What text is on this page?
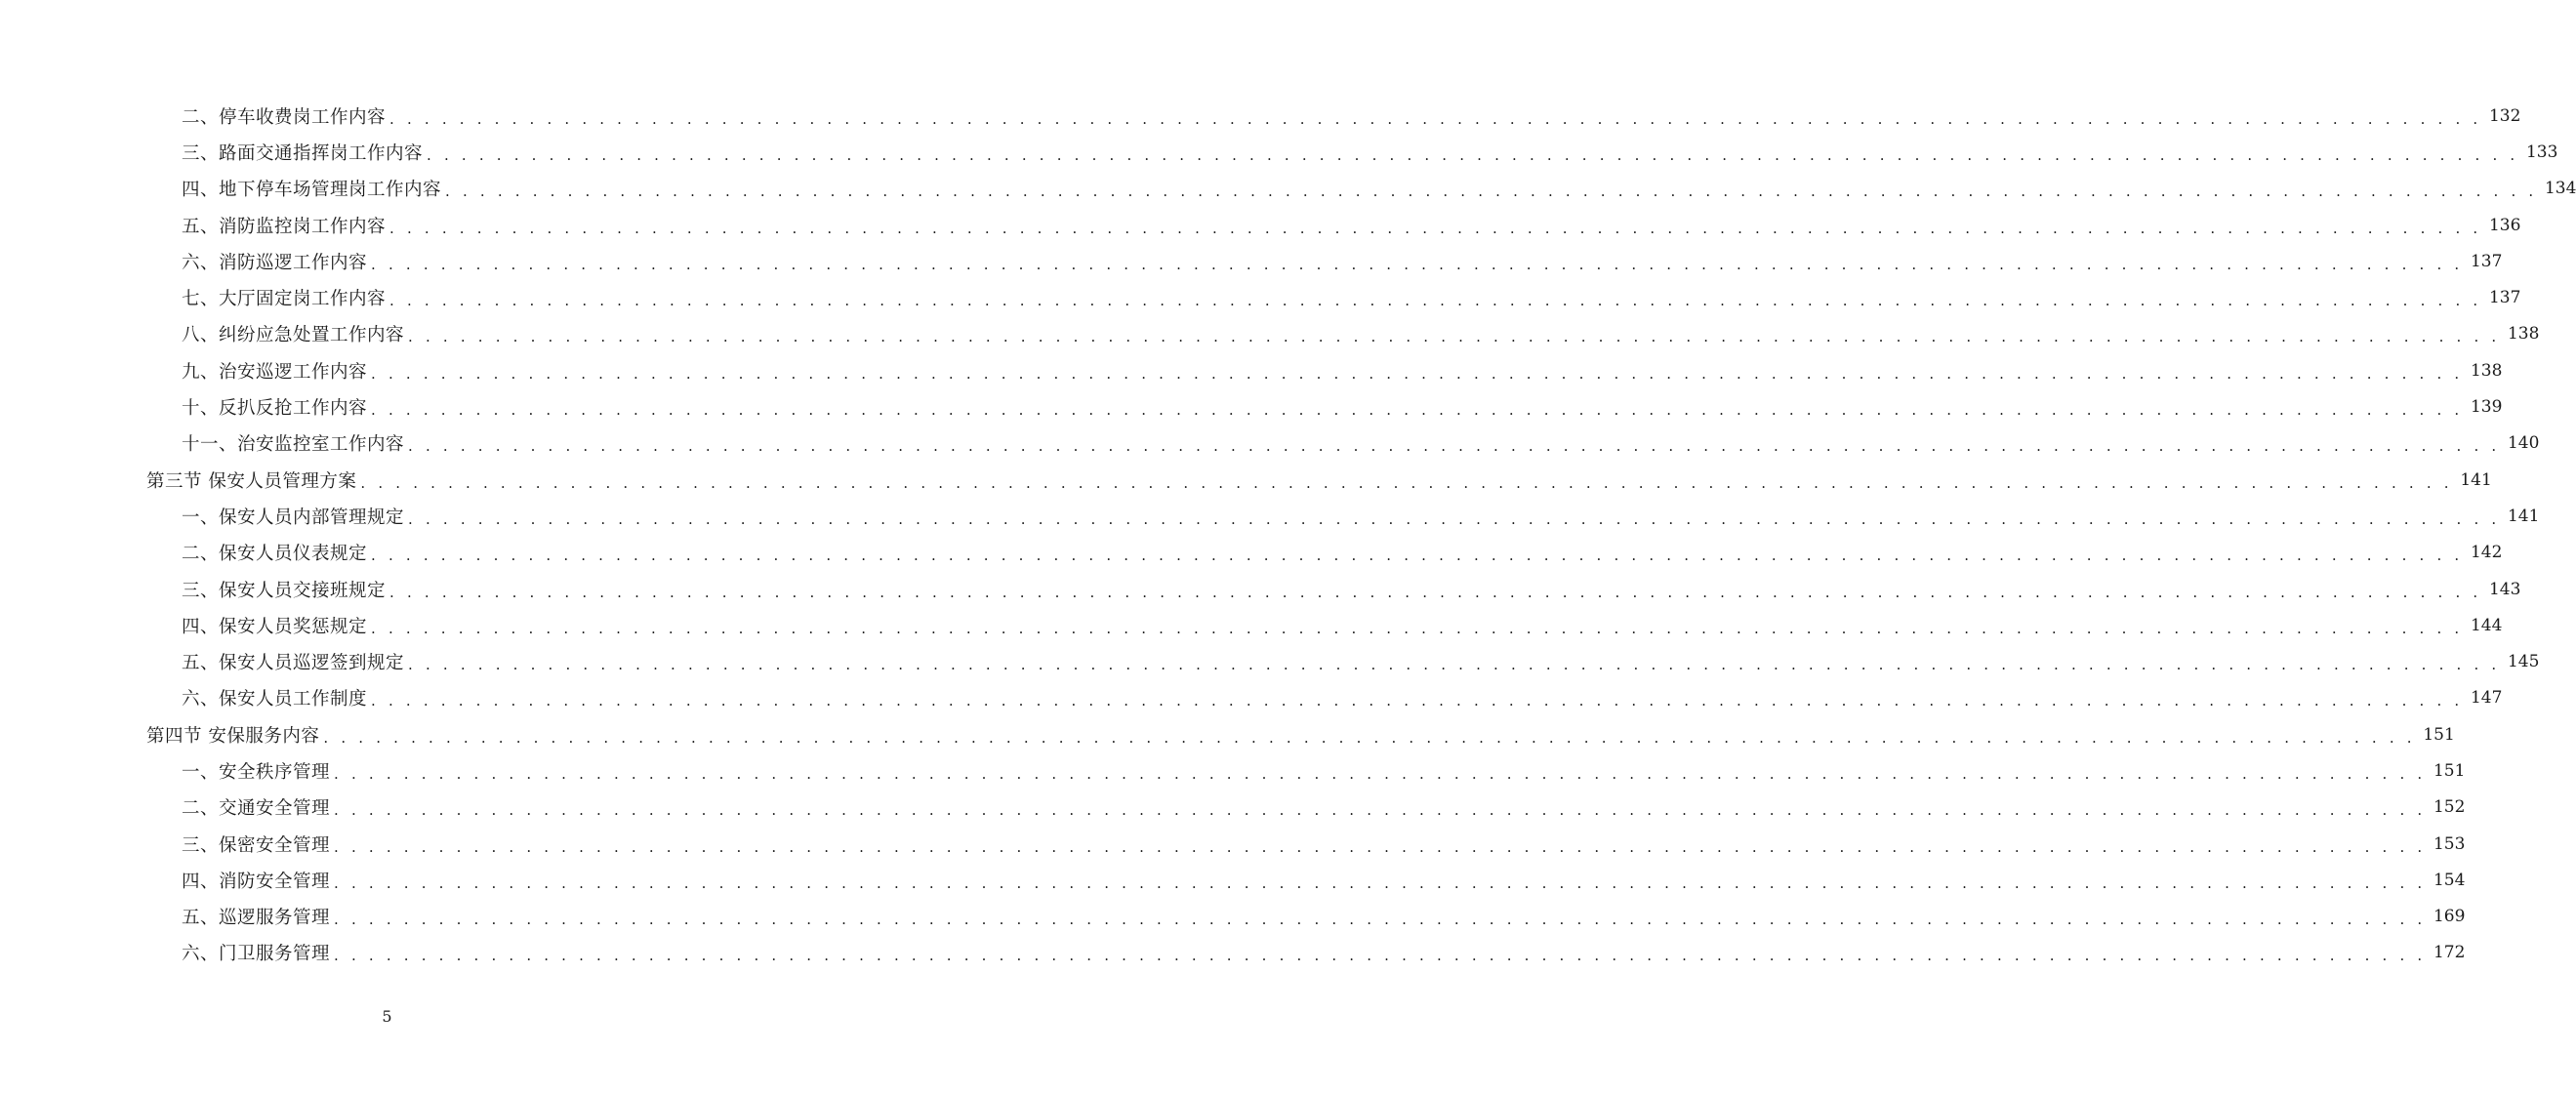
二、停车收费岗工作内容 . . . . . . . . . . . . . . . . . . . . . . . . . . . . . . . . . . . . . . . . . . . . . . . . . . . . . . . . . . . . . . . . . . . . . . . . . . . . . . . . . . . . . . . . . . . . . . . . . . . . . . . . . . . . . . . . . . . . . . . . 132
三、路面交通指挥岗工作内容 . . . . . . . . . . . . . . . . . . . . . . . . . . . . . . . . . . . . . . . . . . . . . . . . . . . . . . . . . . . . . . . . . . . . . . . . . . . . . . . . . . . . . . . . . . . . . . . . . . . . . . . . . . . . . . . . . . . . . . . . 133
四、地下停车场管理岗工作内容 . . . . . . . . . . . . . . . . . . . . . . . . . . . . . . . . . . . . . . . . . . . . . . . . . . . . . . . . . . . . . . . . . . . . . . . . . . . . . . . . . . . . . . . . . . . . . . . . . . . . . . . . . . . . . . . . . . . . . . . . 134
五、消防监控岗工作内容 . . . . . . . . . . . . . . . . . . . . . . . . . . . . . . . . . . . . . . . . . . . . . . . . . . . . . . . . . . . . . . . . . . . . . . . . . . . . . . . . . . . . . . . . . . . . . . . . . . . . . . . . . . . . . . . . . . . . . . . . 136
六、消防巡逻工作内容 . . . . . . . . . . . . . . . . . . . . . . . . . . . . . . . . . . . . . . . . . . . . . . . . . . . . . . . . . . . . . . . . . . . . . . . . . . . . . . . . . . . . . . . . . . . . . . . . . . . . . . . . . . . . . . . . . . . . . . . . 137
七、大厅固定岗工作内容 . . . . . . . . . . . . . . . . . . . . . . . . . . . . . . . . . . . . . . . . . . . . . . . . . . . . . . . . . . . . . . . . . . . . . . . . . . . . . . . . . . . . . . . . . . . . . . . . . . . . . . . . . . . . . . . . . . . . . . . . 137
八、纠纷应急处置工作内容 . . . . . . . . . . . . . . . . . . . . . . . . . . . . . . . . . . . . . . . . . . . . . . . . . . . . . . . . . . . . . . . . . . . . . . . . . . . . . . . . . . . . . . . . . . . . . . . . . . . . . . . . . . . . . . . . . . . . . . . . 138
九、治安巡逻工作内容 . . . . . . . . . . . . . . . . . . . . . . . . . . . . . . . . . . . . . . . . . . . . . . . . . . . . . . . . . . . . . . . . . . . . . . . . . . . . . . . . . . . . . . . . . . . . . . . . . . . . . . . . . . . . . . . . . . . . . . . . 138
十、反扒反抢工作内容 . . . . . . . . . . . . . . . . . . . . . . . . . . . . . . . . . . . . . . . . . . . . . . . . . . . . . . . . . . . . . . . . . . . . . . . . . . . . . . . . . . . . . . . . . . . . . . . . . . . . . . . . . . . . . . . . . . . . . . . . 139
十一、治安监控室工作内容 . . . . . . . . . . . . . . . . . . . . . . . . . . . . . . . . . . . . . . . . . . . . . . . . . . . . . . . . . . . . . . . . . . . . . . . . . . . . . . . . . . . . . . . . . . . . . . . . . . . . . . . . . . . . . . . . . . . . . . . . 140
第三节 保安人员管理方案 . . . . . . . . . . . . . . . . . . . . . . . . . . . . . . . . . . . . . . . . . . . . . . . . . . . . . . . . . . . . . . . . . . . . . . . . . . . . . . . . . . . . . . . . . . . . . . . . . . . . . . . . . . . . . . . . . . . . . . . . 141
一、保安人员内部管理规定 . . . . . . . . . . . . . . . . . . . . . . . . . . . . . . . . . . . . . . . . . . . . . . . . . . . . . . . . . . . . . . . . . . . . . . . . . . . . . . . . . . . . . . . . . . . . . . . . . . . . . . . . . . . . . . . . . . . . . . . . 141
二、保安人员仪表规定 . . . . . . . . . . . . . . . . . . . . . . . . . . . . . . . . . . . . . . . . . . . . . . . . . . . . . . . . . . . . . . . . . . . . . . . . . . . . . . . . . . . . . . . . . . . . . . . . . . . . . . . . . . . . . . . . . . . . . . . . 142
三、保安人员交接班规定 . . . . . . . . . . . . . . . . . . . . . . . . . . . . . . . . . . . . . . . . . . . . . . . . . . . . . . . . . . . . . . . . . . . . . . . . . . . . . . . . . . . . . . . . . . . . . . . . . . . . . . . . . . . . . . . . . . . . . . . . 143
四、保安人员奖惩规定 . . . . . . . . . . . . . . . . . . . . . . . . . . . . . . . . . . . . . . . . . . . . . . . . . . . . . . . . . . . . . . . . . . . . . . . . . . . . . . . . . . . . . . . . . . . . . . . . . . . . . . . . . . . . . . . . . . . . . . . . 144
五、保安人员巡逻签到规定 . . . . . . . . . . . . . . . . . . . . . . . . . . . . . . . . . . . . . . . . . . . . . . . . . . . . . . . . . . . . . . . . . . . . . . . . . . . . . . . . . . . . . . . . . . . . . . . . . . . . . . . . . . . . . . . . . . . . . . . . 145
六、保安人员工作制度 . . . . . . . . . . . . . . . . . . . . . . . . . . . . . . . . . . . . . . . . . . . . . . . . . . . . . . . . . . . . . . . . . . . . . . . . . . . . . . . . . . . . . . . . . . . . . . . . . . . . . . . . . . . . . . . . . . . . . . . . 147
第四节 安保服务内容 . . . . . . . . . . . . . . . . . . . . . . . . . . . . . . . . . . . . . . . . . . . . . . . . . . . . . . . . . . . . . . . . . . . . . . . . . . . . . . . . . . . . . . . . . . . . . . . . . . . . . . . . . . . . . . . . . . . . . . . . 151
一、安全秩序管理 . . . . . . . . . . . . . . . . . . . . . . . . . . . . . . . . . . . . . . . . . . . . . . . . . . . . . . . . . . . . . . . . . . . . . . . . . . . . . . . . . . . . . . . . . . . . . . . . . . . . . . . . . . . . . . . . . . . . . . . . 151
二、交通安全管理 . . . . . . . . . . . . . . . . . . . . . . . . . . . . . . . . . . . . . . . . . . . . . . . . . . . . . . . . . . . . . . . . . . . . . . . . . . . . . . . . . . . . . . . . . . . . . . . . . . . . . . . . . . . . . . . . . . . . . . . . 152
三、保密安全管理 . . . . . . . . . . . . . . . . . . . . . . . . . . . . . . . . . . . . . . . . . . . . . . . . . . . . . . . . . . . . . . . . . . . . . . . . . . . . . . . . . . . . . . . . . . . . . . . . . . . . . . . . . . . . . . . . . . . . . . . . 153
四、消防安全管理 . . . . . . . . . . . . . . . . . . . . . . . . . . . . . . . . . . . . . . . . . . . . . . . . . . . . . . . . . . . . . . . . . . . . . . . . . . . . . . . . . . . . . . . . . . . . . . . . . . . . . . . . . . . . . . . . . . . . . . . . 154
五、巡逻服务管理 . . . . . . . . . . . . . . . . . . . . . . . . . . . . . . . . . . . . . . . . . . . . . . . . . . . . . . . . . . . . . . . . . . . . . . . . . . . . . . . . . . . . . . . . . . . . . . . . . . . . . . . . . . . . . . . . . . . . . . . . 169
六、门卫服务管理 . . . . . . . . . . . . . . . . . . . . . . . . . . . . . . . . . . . . . . . . . . . . . . . . . . . . . . . . . . . . . . . . . . . . . . . . . . . . . . . . . . . . . . . . . . . . . . . . . . . . . . . . . . . . . . . . . . . . . . . . 172
5
